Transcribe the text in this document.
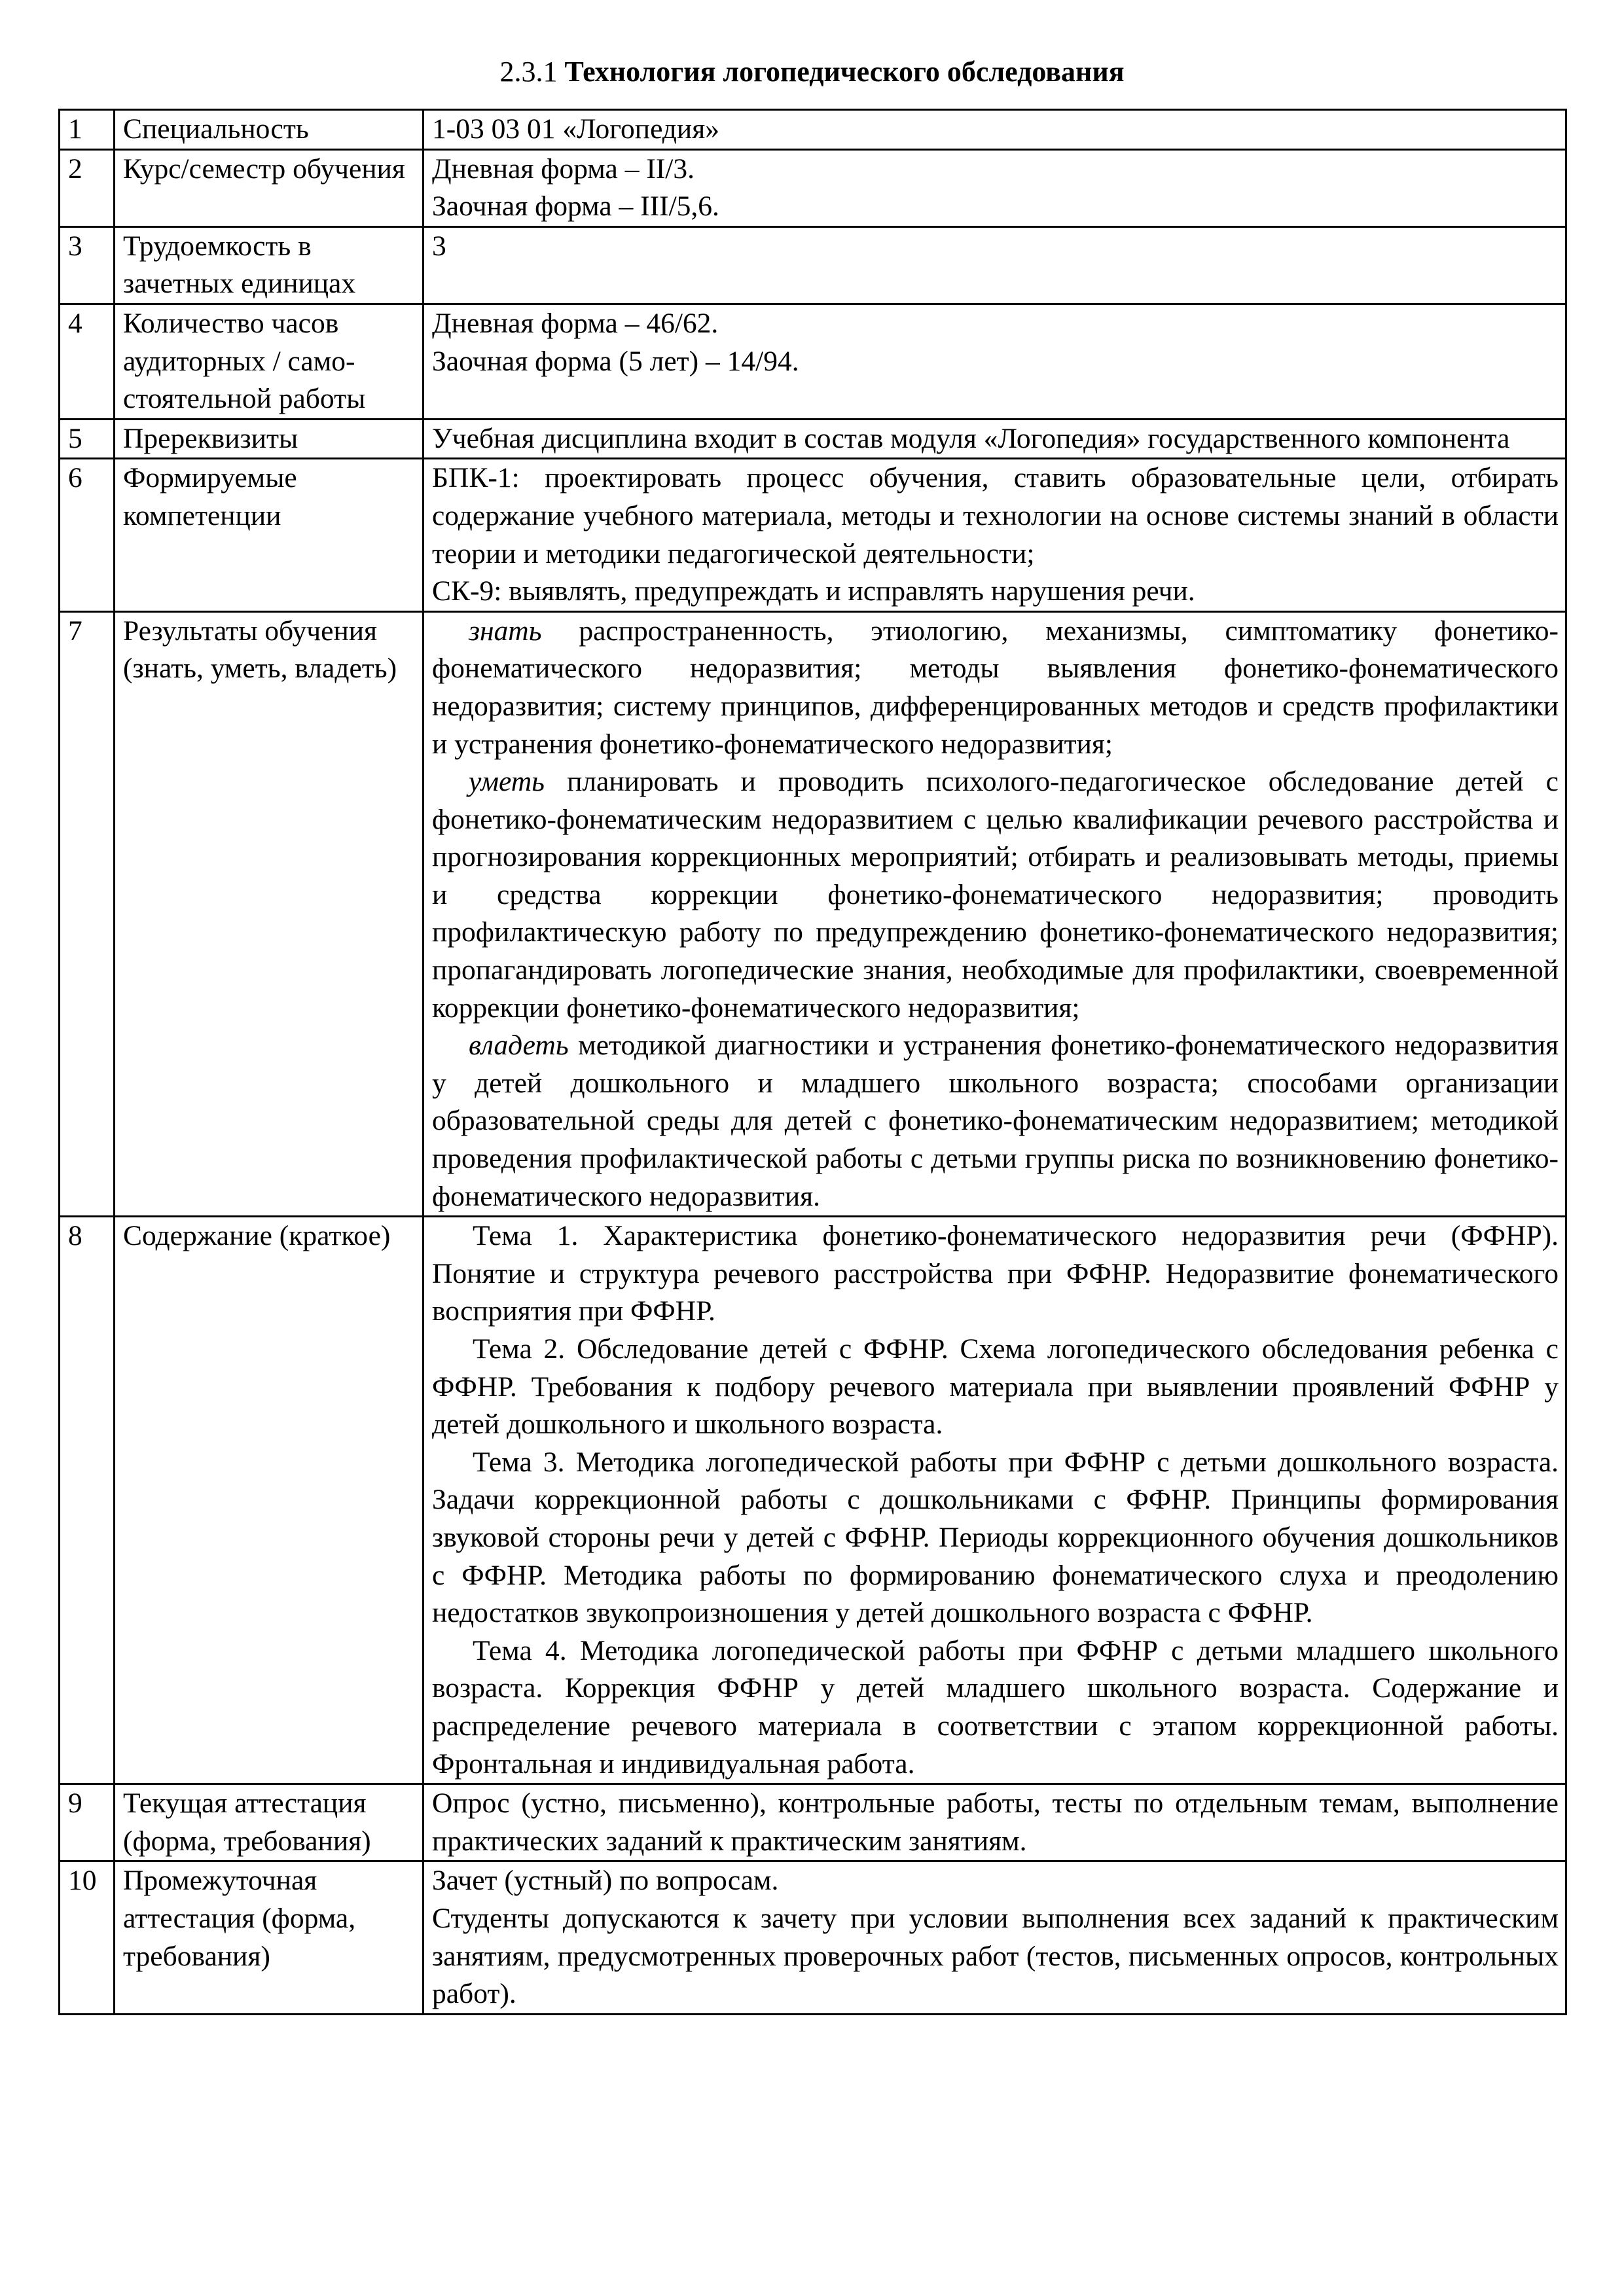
2.3.1 Технология логопедического обследования
1	Специальность	1-03 03 01 «Логопедия»

2	Курс/семестр обучения	Дневная форма – II/3.

Заочная форма – III/5,6.

3	Трудоемкость в зачетных единицах	3

4	Количество часов аудиторных / само-стоятельной работы	Дневная форма – 46/62.

Заочная форма (5 лет) – 14/94.

5	Пререквизиты	Учебная дисциплина входит в состав модуля «Логопедия» государственного компонента

6	Формируемые компетенции	БПК-1: проектировать процесс обучения, ставить образовательные цели, отбирать содержание учебного материала, методы и технологии на основе системы знаний в области теории и методики педагогической деятельности;

СК-9: выявлять, предупреждать и исправлять нарушения речи.

7	Результаты обучения (знать, уметь, владеть)	знать распространенность, этиологию, механизмы, симптоматику фонетико-фонематического недоразвития; методы выявления фонетико-фонематического недоразвития; систему принципов, дифференцированных методов и средств профилактики и устранения фонетико-фонематического недоразвития;

уметь планировать и проводить психолого-педагогическое обследование детей с фонетико-фонематическим недоразвитием с целью квалификации речевого расстройства и прогнозирования коррекционных мероприятий; отбирать и реализовывать методы, приемы и средства коррекции фонетико-фонематического недоразвития; проводить профилактическую работу по предупреждению фонетико-фонематического недоразвития; пропагандировать логопедические знания, необходимые для профилактики, своевременной коррекции фонетико-фонематического недоразвития;

владеть методикой диагностики и устранения фонетико-фонематического недоразвития у детей дошкольного и младшего школьного возраста; способами организации образовательной среды для детей с фонетико-фонематическим недоразвитием; методикой проведения профилактической работы с детьми группы риска по возникновению фонетико-фонематического недоразвития.

8	Содержание (краткое)	Тема 1. Характеристика фонетико-фонематического недоразвития речи (ФФНР). Понятие и структура речевого расстройства при ФФНР. Недоразвитие фонематического восприятия при ФФНР.

Тема 2. Обследование детей с ФФНР. Схема логопедического обследования ребенка с ФФНР. Требования к подбору речевого материала при выявлении проявлений ФФНР у детей дошкольного и школьного возраста.

Тема 3. Методика логопедической работы при ФФНР с детьми дошкольного возраста. Задачи коррекционной работы с дошкольниками с ФФНР. Принципы формирования звуковой стороны речи у детей с ФФНР. Периоды коррекционного обучения дошкольников с ФФНР. Методика работы по формированию фонематического слуха и преодолению недостатков звукопроизношения у детей дошкольного возраста с ФФНР.

Тема 4. Методика логопедической работы при ФФНР с детьми младшего школьного возраста. Коррекция ФФНР у детей младшего школьного возраста. Содержание и распределение речевого материала в соответствии с этапом коррекционной работы. Фронтальная и индивидуальная работа.

9	Текущая аттестация (форма, требования)	Опрос (устно, письменно), контрольные работы, тесты по отдельным темам, выполнение практических заданий к практическим занятиям.

10	Промежуточная аттестация (форма, требования)	Зачет (устный) по вопросам.

Студенты допускаются к зачету при условии выполнения всех заданий к практическим занятиям, предусмотренных проверочных работ (тестов, письменных опросов, контрольных работ).
